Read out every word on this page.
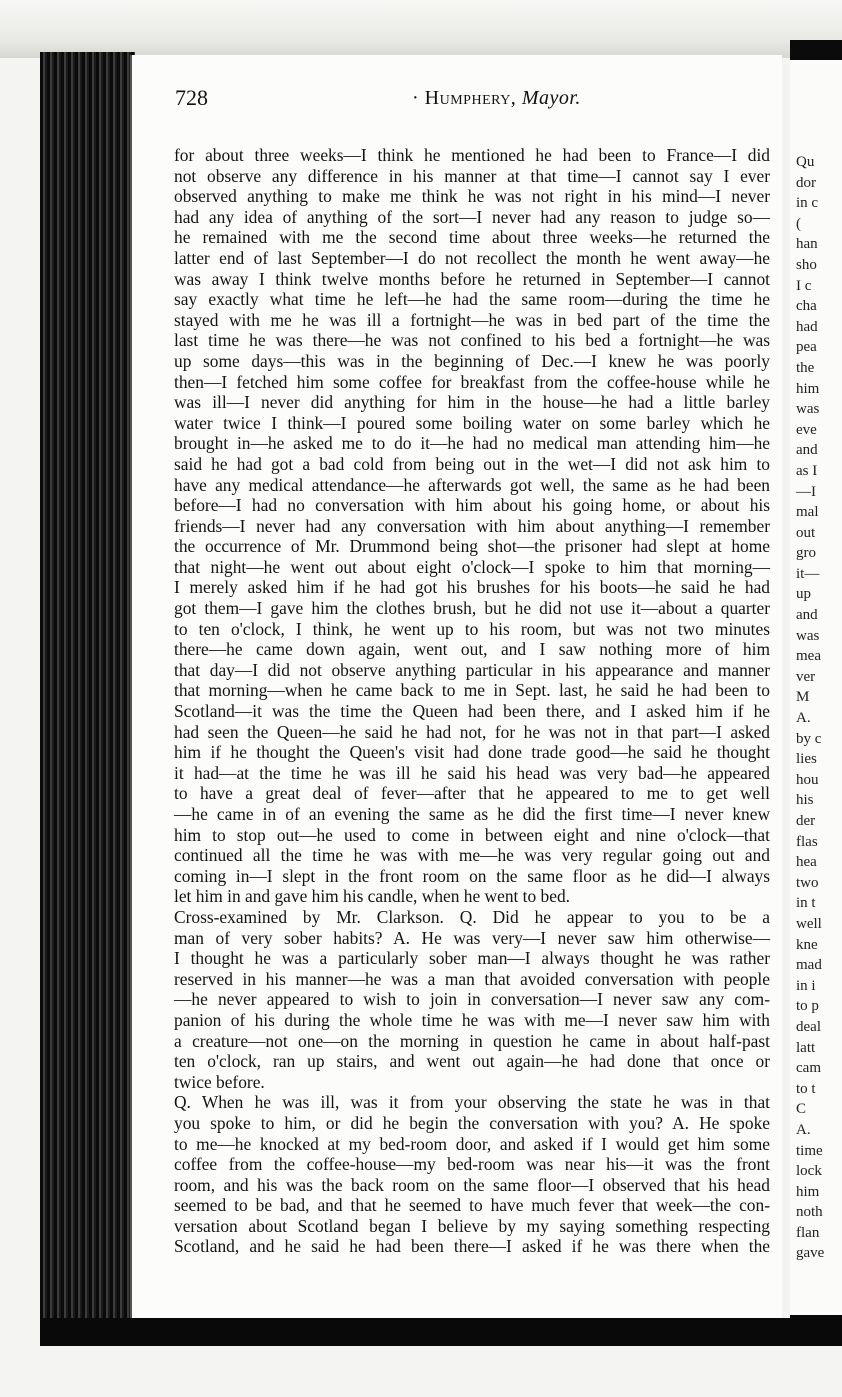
728	· Humphery, Mayor.
for about three weeks—I think he mentioned he had been to France—I did
not observe any difference in his manner at that time—I cannot say I ever
observed anything to make me think he was not right in his mind—I never
had any idea of anything of the sort—I never had any reason to judge so—
he remained with me the second time about three weeks—he returned the
latter end of last September—I do not recollect the month he went away—he
was away I think twelve months before he returned in September—I cannot
say exactly what time he left—he had the same room—during the time he
stayed with me he was ill a fortnight—he was in bed part of the time the
last time he was there—he was not confined to his bed a fortnight—he was
up some days—this was in the beginning of Dec.—I knew he was poorly
then—I fetched him some coffee for breakfast from the coffee-house while he
was ill—I never did anything for him in the house—he had a little barley
water twice I think—I poured some boiling water on some barley which he
brought in—he asked me to do it—he had no medical man attending him—he
said he had got a bad cold from being out in the wet—I did not ask him to
have any medical attendance—he afterwards got well, the same as he had been
before—I had no conversation with him about his going home, or about his
friends—I never had any conversation with him about anything—I remember
the occurrence of Mr. Drummond being shot—the prisoner had slept at home
that night—he went out about eight o'clock—I spoke to him that morning—
I merely asked him if he had got his brushes for his boots—he said he had
got them—I gave him the clothes brush, but he did not use it—about a quarter
to ten o'clock, I think, he went up to his room, but was not two minutes
there—he came down again, went out, and I saw nothing more of him
that day—I did not observe anything particular in his appearance and manner
that morning—when he came back to me in Sept. last, he said he had been to
Scotland—it was the time the Queen had been there, and I asked him if he
had seen the Queen—he said he had not, for he was not in that part—I asked
him if he thought the Queen's visit had done trade good—he said he thought
it had—at the time he was ill he said his head was very bad—he appeared
to have a great deal of fever—after that he appeared to me to get well
—he came in of an evening the same as he did the first time—I never knew
him to stop out—he used to come in between eight and nine o'clock—that
continued all the time he was with me—he was very regular going out and
coming in—I slept in the front room on the same floor as he did—I always
let him in and gave him his candle, when he went to bed.
Cross-examined by Mr. Clarkson. Q. Did he appear to you to be a
man of very sober habits? A. He was very—I never saw him otherwise—
I thought he was a particularly sober man—I always thought he was rather
reserved in his manner—he was a man that avoided conversation with people
—he never appeared to wish to join in conversation—I never saw any com-
panion of his during the whole time he was with me—I never saw him with
a creature—not one—on the morning in question he came in about half-past
ten o'clock, ran up stairs, and went out again—he had done that once or
twice before.
Q. When he was ill, was it from your observing the state he was in that
you spoke to him, or did he begin the conversation with you? A. He spoke
to me—he knocked at my bed-room door, and asked if I would get him some
coffee from the coffee-house—my bed-room was near his—it was the front
room, and his was the back room on the same floor—I observed that his head
seemed to be bad, and that he seemed to have much fever that week—the con-
versation about Scotland began I believe by my saying something respecting
Scotland, and he said he had been there—I asked if he was there when the
Qu
dor
in c
(
han
sho
I c
cha
had
pea
the
him
was
eve
and
as I
—I
mal
out
gro
it—
up
and
was
mea
ver
M
A.
by c
lies
hou
his
der
flas
hea
two
in t
well
kne
mad
in i
to p
deal
latt
cam
to t
C
A.
time
lock
him
noth
flan
gave
